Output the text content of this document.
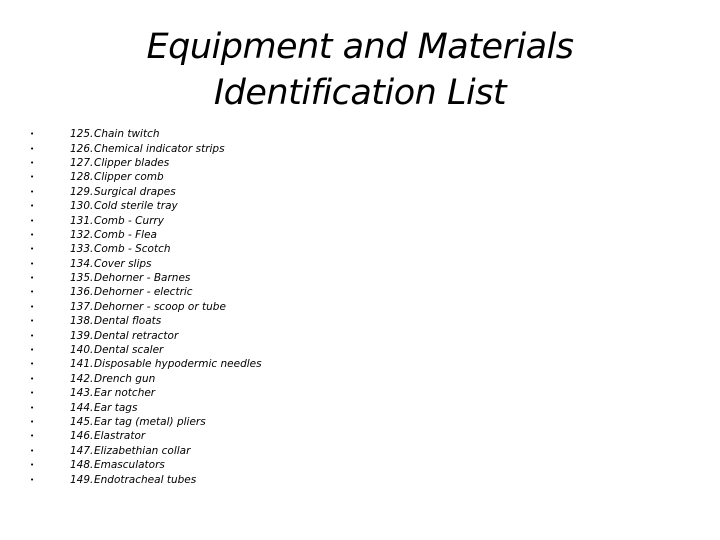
Equipment and Materials
Identification List
•	125. Chain twitch
•	126. Chemical indicator strips
•	127. Clipper blades
•	128. Clipper comb
•	129. Surgical drapes
•	130. Cold sterile tray
•	131. Comb - Curry
•	132. Comb - Flea
•	133. Comb - Scotch
•	134. Cover slips
•	135. Dehorner - Barnes
•	136. Dehorner - electric
•	137. Dehorner - scoop or tube
•	138. Dental floats
•	139. Dental retractor
•	140. Dental scaler
•	141. Disposable hypodermic needles
•	142. Drench gun
•	143. Ear notcher
•	144. Ear tags
•	145. Ear tag (metal) pliers
•	146. Elastrator
•	147. Elizabethian collar
•	148. Emasculators
•	149. Endotracheal tubes
